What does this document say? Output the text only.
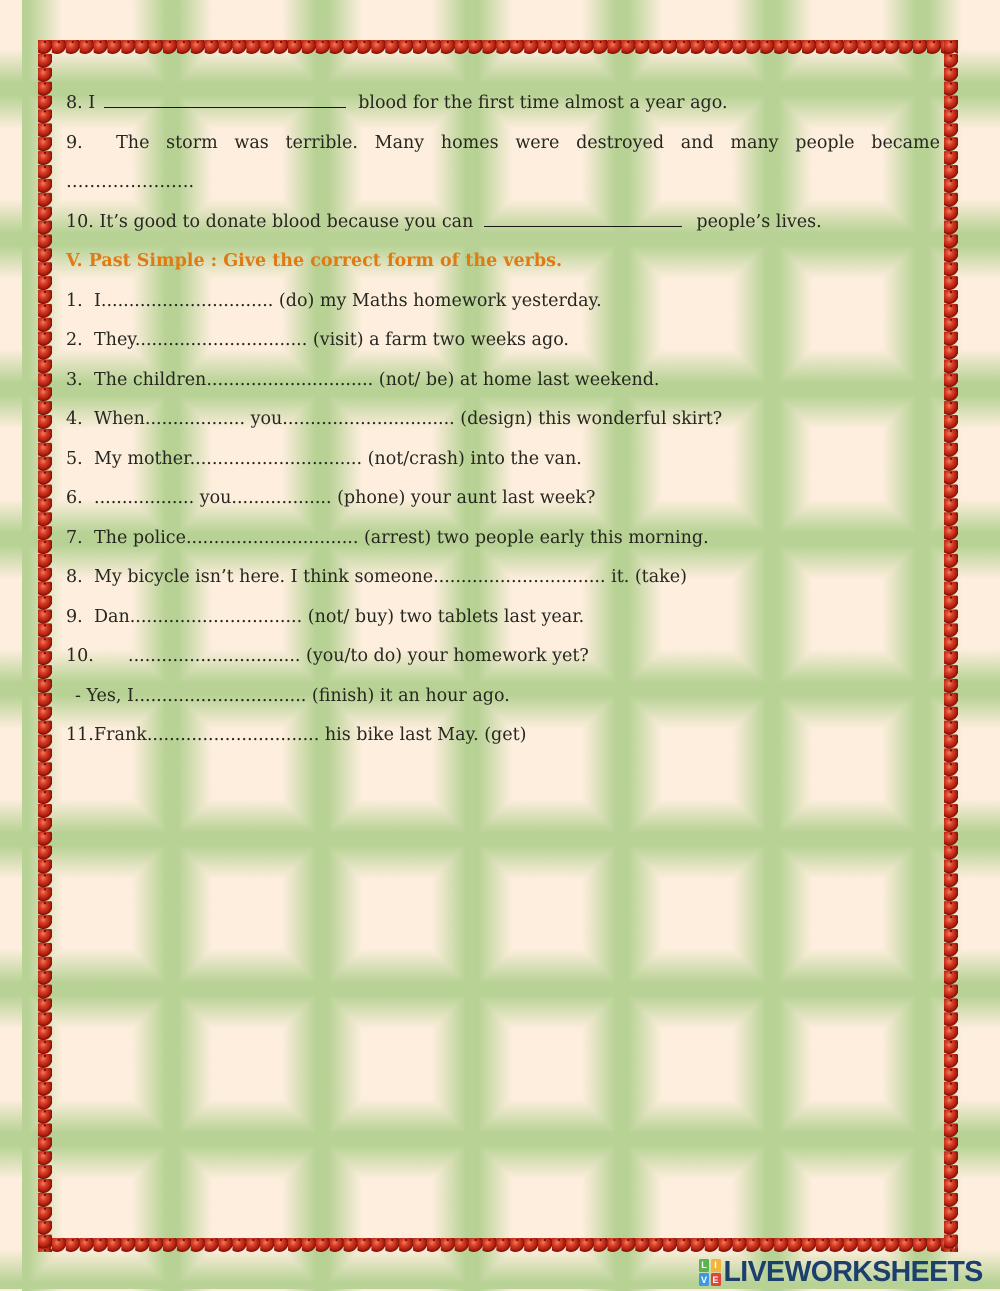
8. I	blood for the first time almost a year ago.
9.  The storm was terrible. Many homes were destroyed and many people became
………………….
10. It’s good to donate blood because you can	people’s lives.
V. Past Simple : Give the correct form of the verbs.
1. I............................... (do) my Maths homework yesterday.
2. They............................... (visit) a farm two weeks ago.
3. The children.............................. (not/ be) at home last weekend.
4. When.................. you............................... (design) this wonderful skirt?
5. My mother............................... (not/crash) into the van.
6. .................. you.................. (phone) your aunt last week?
7. The police............................... (arrest) two people early this morning.
8. My bicycle isn’t here. I think someone............................... it. (take)
9. Dan............................... (not/ buy) two tablets last year.
10. ............................... (you/to do) your homework yet?
- Yes, I............................... (finish) it an hour ago.
11. Frank............................... his bike last May. (get)
L I
V E LIVEWORKSHEETS
